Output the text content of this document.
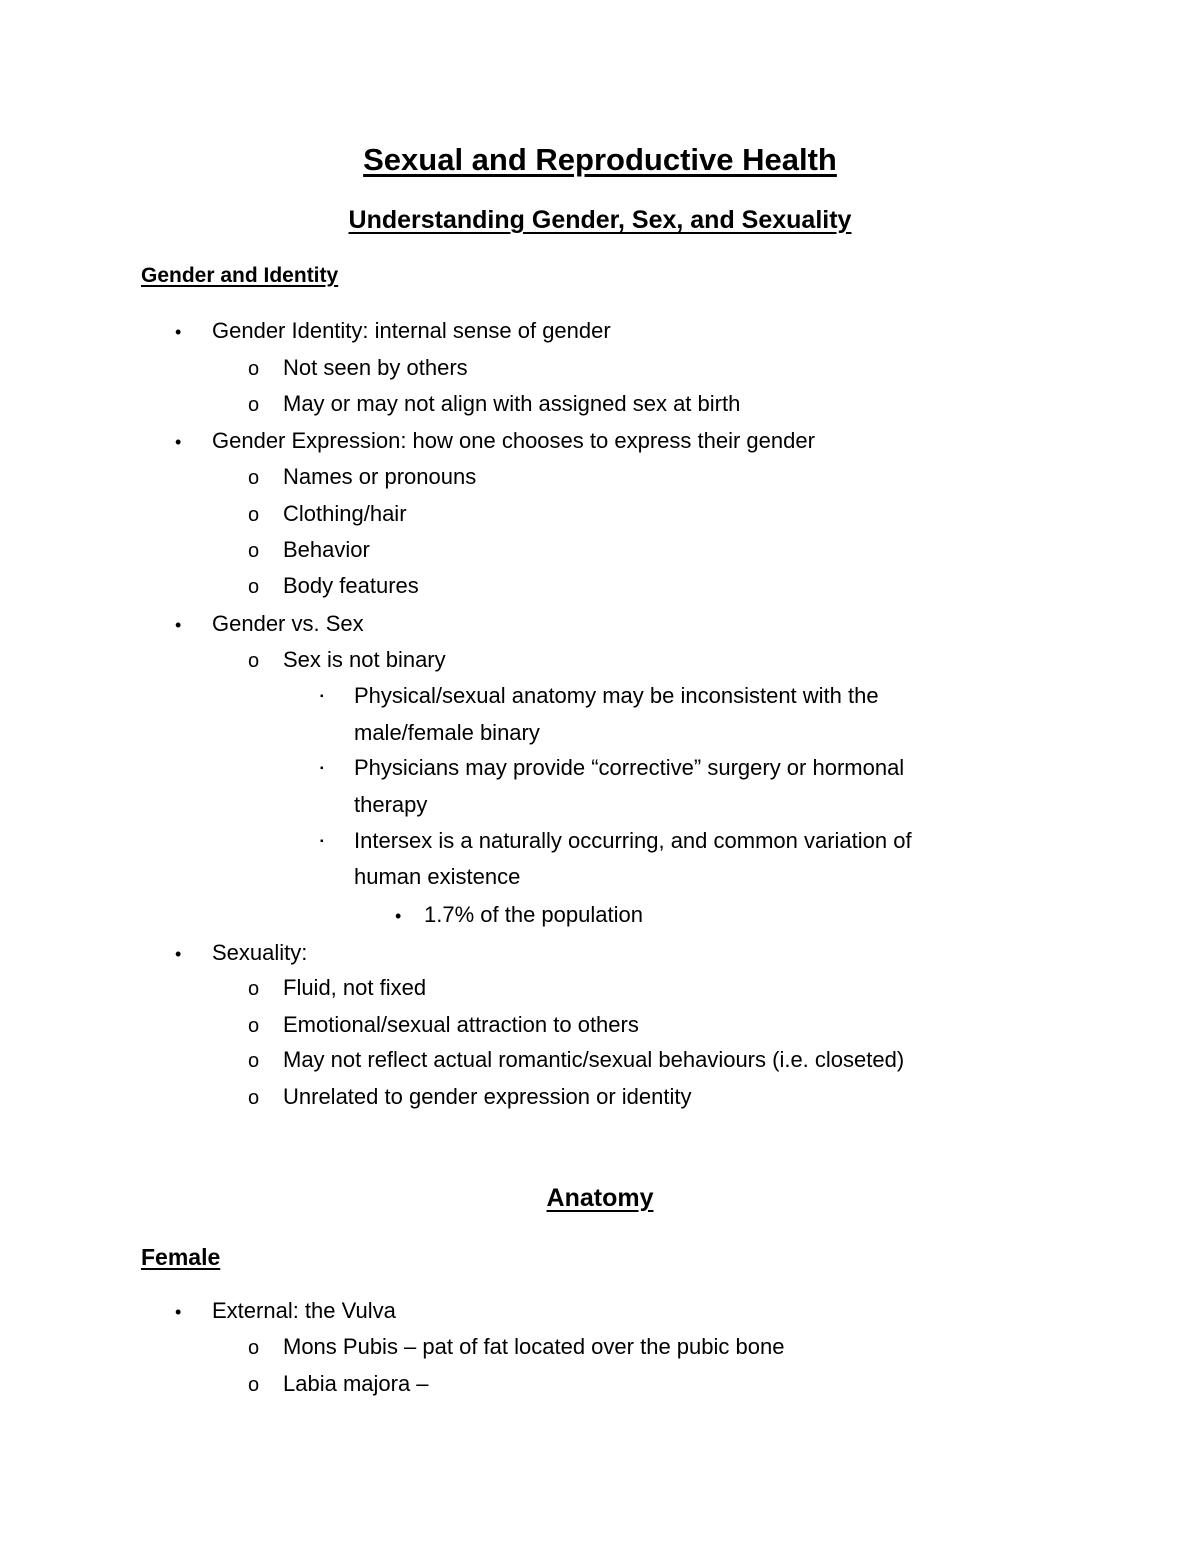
Sexual and Reproductive Health
Understanding Gender, Sex, and Sexuality
Gender and Identity
• Gender Identity: internal sense of gender
o Not seen by others
o May or may not align with assigned sex at birth
• Gender Expression: how one chooses to express their gender
o Names or pronouns
o Clothing/hair
o Behavior
o Body features
• Gender vs. Sex
o Sex is not binary
▪ Physical/sexual anatomy may be inconsistent with the
male/female binary
▪ Physicians may provide “corrective” surgery or hormonal
therapy
▪ Intersex is a naturally occurring, and common variation of
human existence
• 1.7% of the population
• Sexuality:
o Fluid, not fixed
o Emotional/sexual attraction to others
o May not reflect actual romantic/sexual behaviours (i.e. closeted)
o Unrelated to gender expression or identity
Anatomy
Female
• External: the Vulva
o Mons Pubis – pat of fat located over the pubic bone
o Labia majora –
